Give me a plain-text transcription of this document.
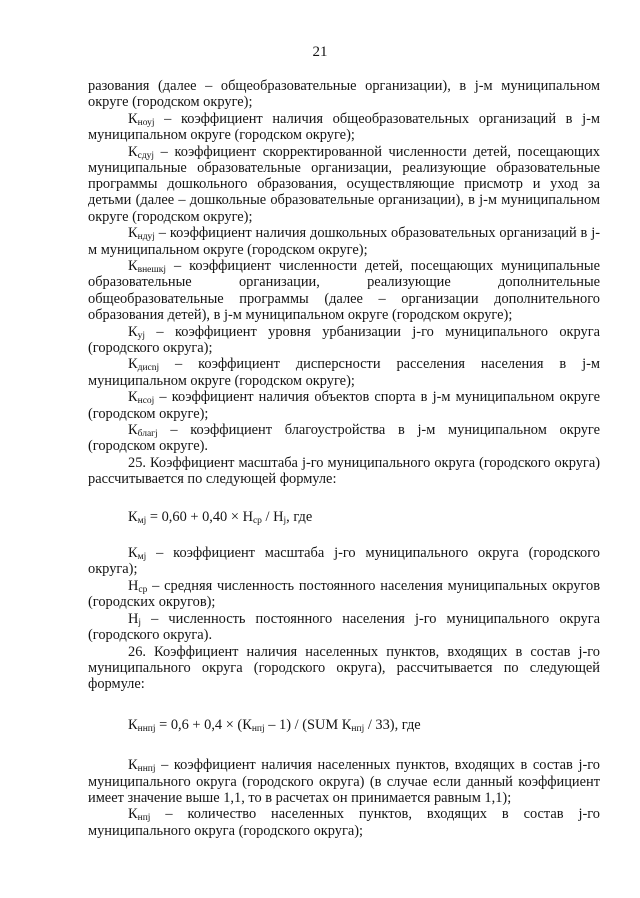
21
разования (далее – общеобразовательные организации), в j-м муниципальном округе (городском округе);
$К_{ноуj}$ – коэффициент наличия общеобразовательных организаций в j-м муниципальном округе (городском округе);
$К_{сдуj}$ – коэффициент скорректированной численности детей, посещающих муниципальные образовательные организации, реализующие образовательные программы дошкольного образования, осуществляющие присмотр и уход за детьми (далее – дошкольные образовательные организации), в j-м муниципальном округе (городском округе);
$К_{ндуj}$ – коэффициент наличия дошкольных образовательных организаций в j-м муниципальном округе (городском округе);
$К_{внешкj}$ – коэффициент численности детей, посещающих муниципальные образовательные организации, реализующие дополнительные общеобразовательные программы (далее – организации дополнительного образования детей), в j-м муниципальном округе (городском округе);
$К_{уj}$ – коэффициент уровня урбанизации j-го муниципального округа (городского округа);
$К_{дисnj}$ – коэффициент дисперсности расселения населения в j-м муниципальном округе (городском округе);
$К_{нсоj}$ – коэффициент наличия объектов спорта в j-м муниципальном округе (городском округе);
$К_{благj}$ – коэффициент благоустройства в j-м муниципальном округе (городском округе).
25. Коэффициент масштаба j-го муниципального округа (городского округа) рассчитывается по следующей формуле:
$К_{мj} = 0,60 + 0,40 \times Н_{ср} / Н_j$, где
$К_{мj}$ – коэффициент масштаба j-го муниципального округа (городского округа);
$Н_{ср}$ – средняя численность постоянного населения муниципальных округов (городских округов);
$Н_j$ – численность постоянного населения j-го муниципального округа (городского округа).
26. Коэффициент наличия населенных пунктов, входящих в состав j-го муниципального округа (городского округа), рассчитывается по следующей формуле:
$К_{ннпj} = 0,6 + 0,4 \times (К_{нпj} - 1) / (SUM$ $К_{нпj} / 33$), где
$К_{ннпj}$ – коэффициент наличия населенных пунктов, входящих в состав j-го муниципального округа (городского округа) (в случае если данный коэффициент имеет значение выше 1,1, то в расчетах он принимается равным 1,1);
$К_{нпj}$ – количество населенных пунктов, входящих в состав j-го муниципального округа (городского округа);
